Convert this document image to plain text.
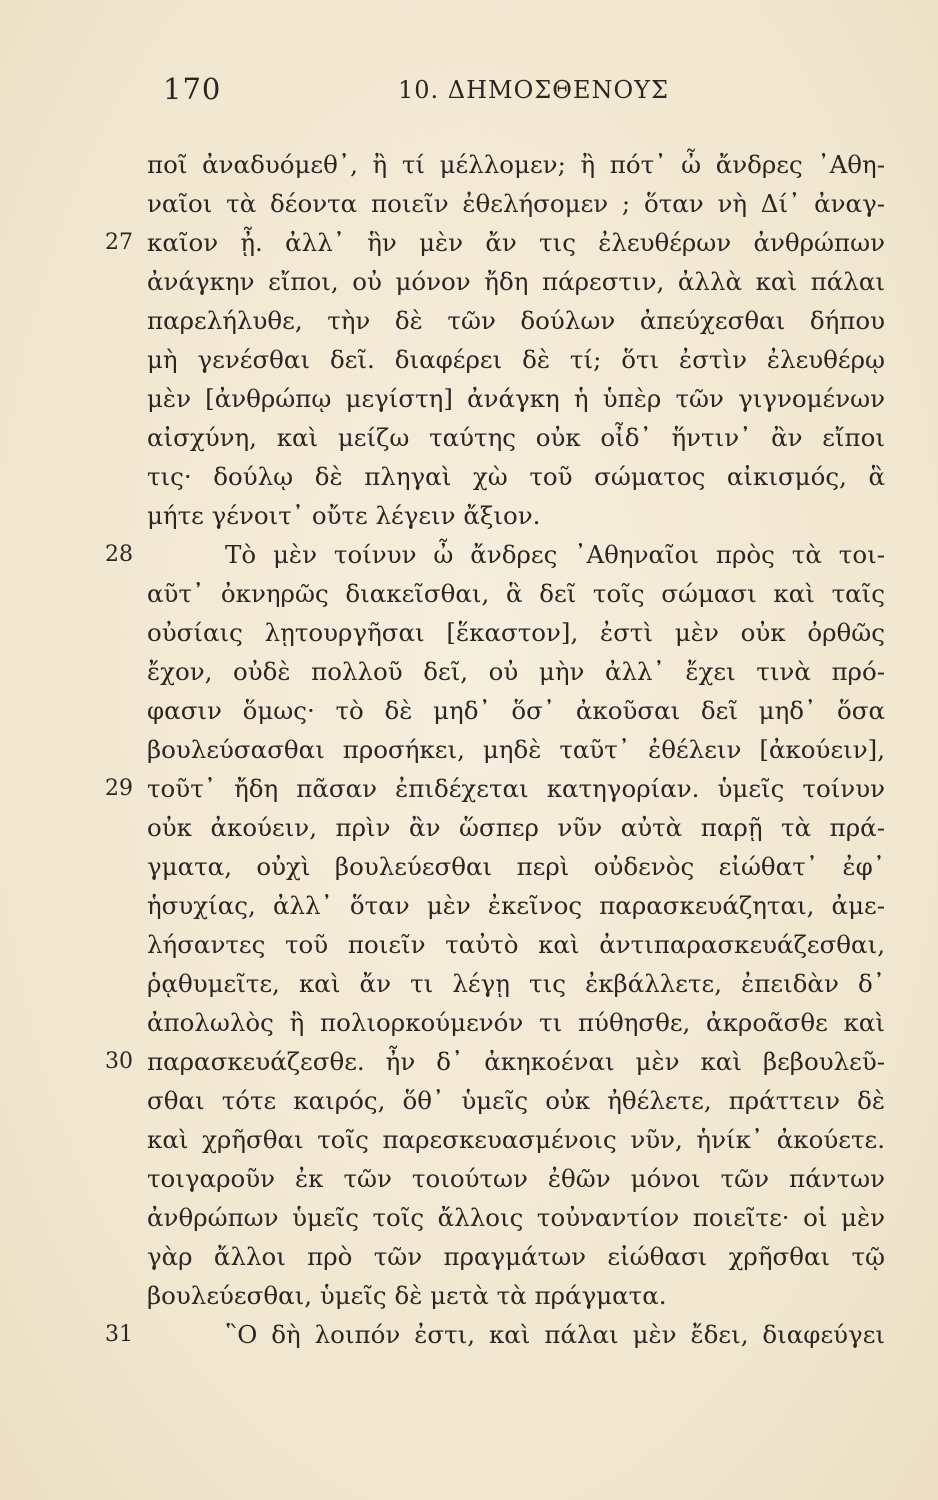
170	10. ΔΗΜΟΣΘΕΝΟΥΣ
ποῖ ἀναδυόμεθ᾿, ἢ τί μέλλομεν; ἢ πότ᾿ ὦ ἄνδρες ᾿Αθη-
ναῖοι τὰ δέοντα ποιεῖν ἐθελήσομεν ; ὅταν νὴ Δί᾿ ἀναγ-
27 καῖον ᾖ. ἀλλ᾿ ἣν μὲν ἄν τις ἐλευθέρων ἀνθρώπων
ἀνάγκην εἴποι, οὐ μόνον ἤδη πάρεστιν, ἀλλὰ καὶ πάλαι
παρελήλυθε, τὴν δὲ τῶν δούλων ἀπεύχεσθαι δήπου
μὴ γενέσθαι δεῖ. διαφέρει δὲ τί; ὅτι ἐστὶν ἐλευθέρῳ
μὲν [ἀνθρώπῳ μεγίστη] ἀνάγκη ἡ ὑπὲρ τῶν γιγνομένων
αἰσχύνη, καὶ μείζω ταύτης οὐκ οἶδ᾿ ἥντιν᾿ ἂν εἴποι
τις· δούλῳ δὲ πληγαὶ χὼ τοῦ σώματος αἰκισμός, ἃ
μήτε γένοιτ᾿ οὔτε λέγειν ἄξιον.
28	Τὸ μὲν τοίνυν ὦ ἄνδρες ᾿Αθηναῖοι πρὸς τὰ τοι-
αῦτ᾿ ὀκνηρῶς διακεῖσθαι, ἃ δεῖ τοῖς σώμασι καὶ ταῖς
οὐσίαις λῃτουργῆσαι [ἕκαστον], ἐστὶ μὲν οὐκ ὀρθῶς
ἔχον, οὐδὲ πολλοῦ δεῖ, οὐ μὴν ἀλλ᾿ ἔχει τινὰ πρό-
φασιν ὅμως· τὸ δὲ μηδ᾿ ὅσ᾿ ἀκοῦσαι δεῖ μηδ᾿ ὅσα
βουλεύσασθαι προσήκει, μηδὲ ταῦτ᾿ ἐθέλειν [ἀκούειν],
29 τοῦτ᾿ ἤδη πᾶσαν ἐπιδέχεται κατηγορίαν. ὑμεῖς τοίνυν
οὐκ ἀκούειν, πρὶν ἂν ὥσπερ νῦν αὐτὰ παρῇ τὰ πρά-
γματα, οὐχὶ βουλεύεσθαι περὶ οὐδενὸς εἰώθατ᾿ ἐφ᾿
ἡσυχίας, ἀλλ᾿ ὅταν μὲν ἐκεῖνος παρασκευάζηται, ἀμε-
λήσαντες τοῦ ποιεῖν ταὐτὸ καὶ ἀντιπαρασκευάζεσθαι,
ῥᾳθυμεῖτε, καὶ ἄν τι λέγῃ τις ἐκβάλλετε, ἐπειδὰν δ᾿
ἀπολωλὸς ἢ πολιορκούμενόν τι πύθησθε, ἀκροᾶσθε καὶ
30 παρασκευάζεσθε. ἦν δ᾿ ἀκηκοέναι μὲν καὶ βεβουλεῦ-
σθαι τότε καιρός, ὅθ᾿ ὑμεῖς οὐκ ἠθέλετε, πράττειν δὲ
καὶ χρῆσθαι τοῖς παρεσκευασμένοις νῦν, ἡνίκ᾿ ἀκούετε.
τοιγαροῦν ἐκ τῶν τοιούτων ἐθῶν μόνοι τῶν πάντων
ἀνθρώπων ὑμεῖς τοῖς ἄλλοις τοὐναντίον ποιεῖτε· οἱ μὲν
γὰρ ἄλλοι πρὸ τῶν πραγμάτων εἰώθασι χρῆσθαι τῷ
βουλεύεσθαι, ὑμεῖς δὲ μετὰ τὰ πράγματα.
31	῝Ο δὴ λοιπόν ἐστι, καὶ πάλαι μὲν ἔδει, διαφεύγει
